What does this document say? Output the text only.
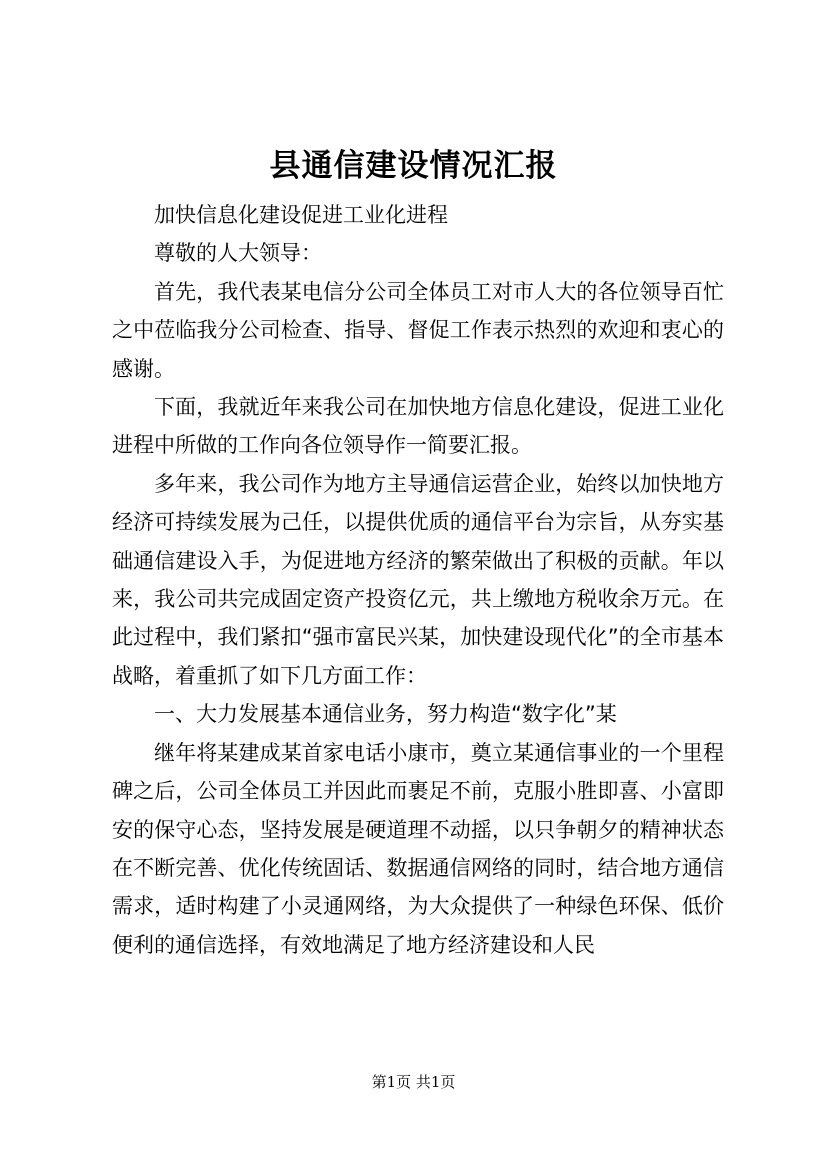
县通信建设情况汇报

加快信息化建设促进工业化进程

尊敬的人大领导：

首先，我代表某电信分公司全体员工对市人大的各位领导百忙之中莅临我分公司检查、指导、督促工作表示热烈的欢迎和衷心的感谢。

下面，我就近年来我公司在加快地方信息化建设，促进工业化进程中所做的工作向各位领导作一简要汇报。

多年来，我公司作为地方主导通信运营企业，始终以加快地方经济可持续发展为己任，以提供优质的通信平台为宗旨，从夯实基础通信建设入手，为促进地方经济的繁荣做出了积极的贡献。年以来，我公司共完成固定资产投资亿元，共上缴地方税收余万元。在此过程中，我们紧扣“强市富民兴某，加快建设现代化”的全市基本战略，着重抓了如下几方面工作：

一、大力发展基本通信业务，努力构造“数字化”某

继年将某建成某首家电话小康市，奠立某通信事业的一个里程碑之后，公司全体员工并因此而裹足不前，克服小胜即喜、小富即安的保守心态，坚持发展是硬道理不动摇，以只争朝夕的精神状态在不断完善、优化传统固话、数据通信网络的同时，结合地方通信需求，适时构建了小灵通网络，为大众提供了一种绿色环保、低价便利的通信选择，有效地满足了地方经济建设和人民

第1页 共1页
